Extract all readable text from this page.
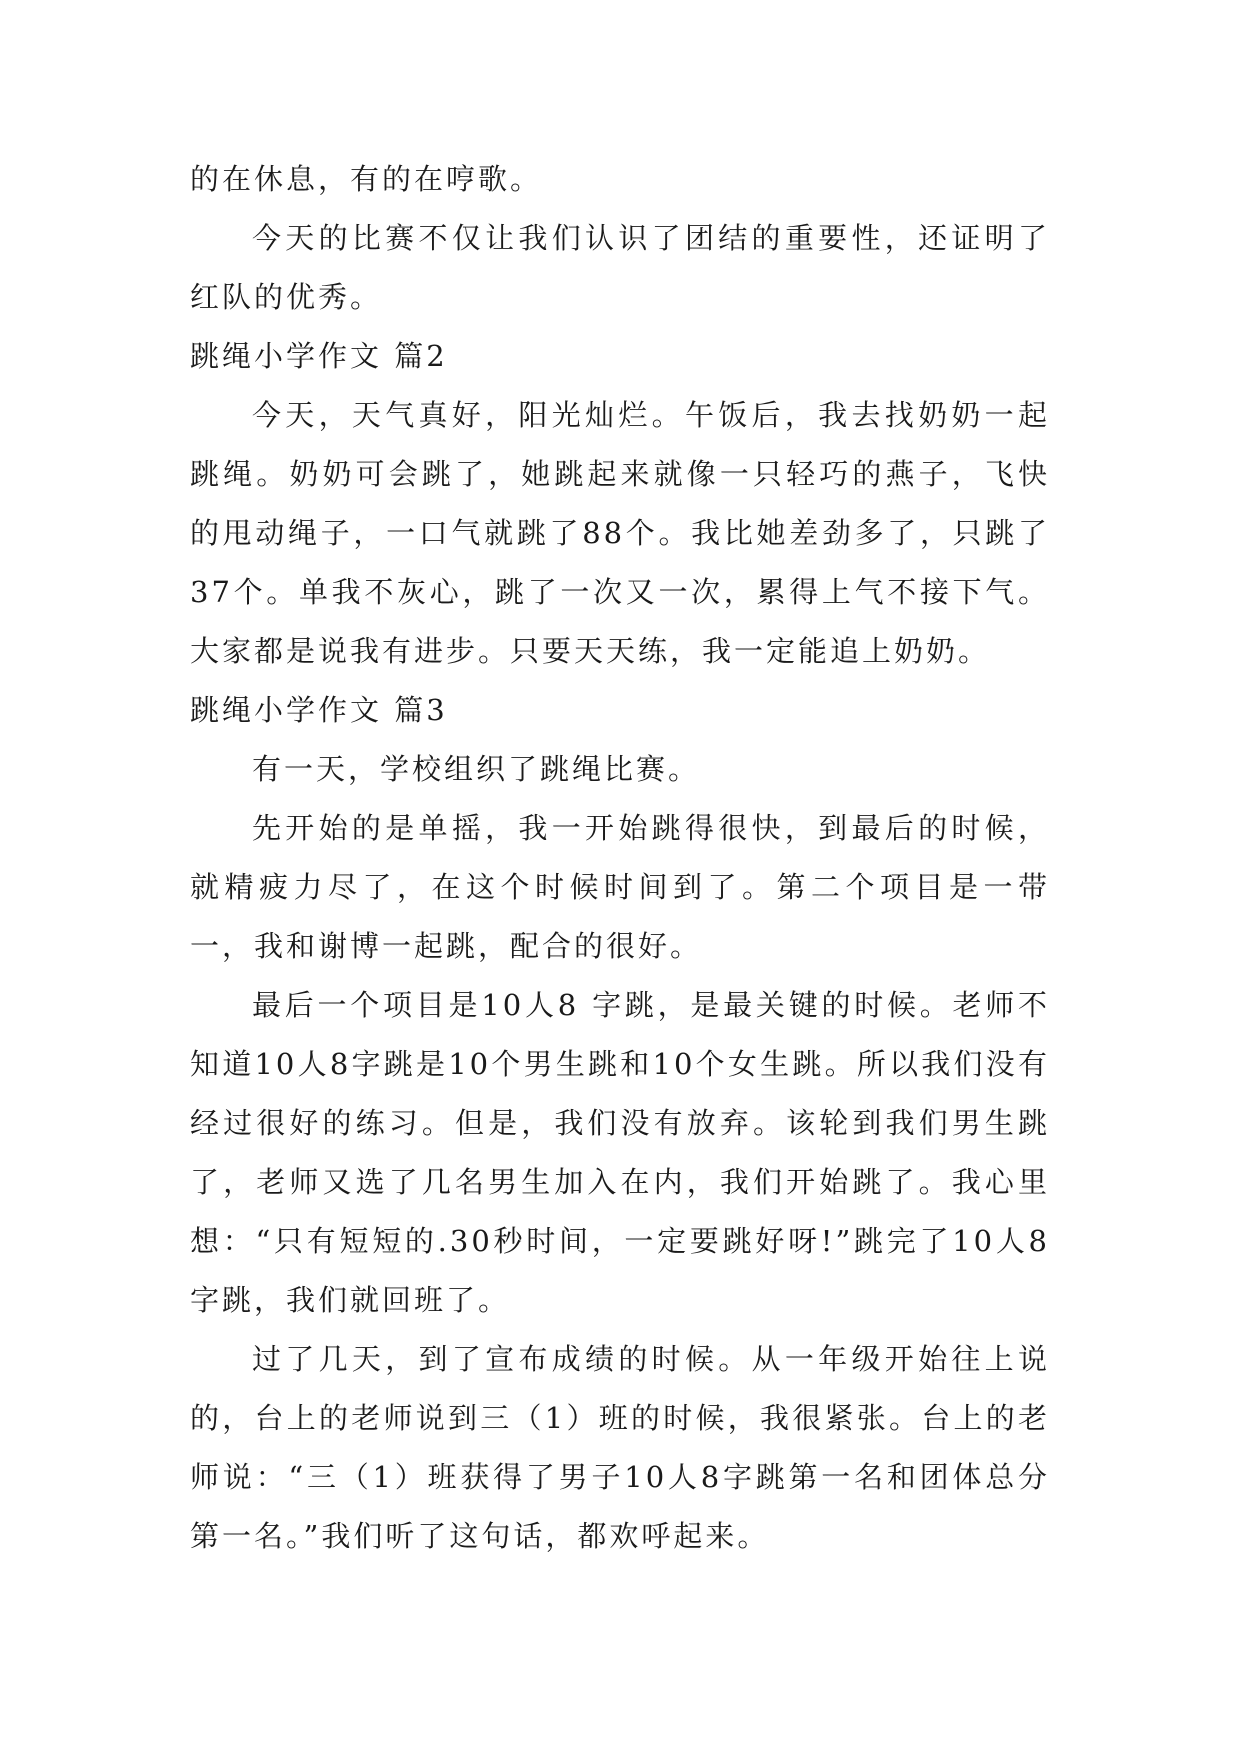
的在休息，有的在哼歌。

今天的比赛不仅让我们认识了团结的重要性，还证明了红队的优秀。

跳绳小学作文 篇2

今天，天气真好，阳光灿烂。午饭后，我去找奶奶一起跳绳。奶奶可会跳了，她跳起来就像一只轻巧的燕子，飞快的甩动绳子，一口气就跳了88个。我比她差劲多了，只跳了37个。单我不灰心，跳了一次又一次，累得上气不接下气。大家都是说我有进步。只要天天练，我一定能追上奶奶。

跳绳小学作文 篇3

有一天，学校组织了跳绳比赛。

先开始的是单摇，我一开始跳得很快，到最后的时候，就精疲力尽了，在这个时候时间到了。第二个项目是一带一，我和谢博一起跳，配合的很好。

最后一个项目是10人8 字跳，是最关键的时候。老师不知道10人8字跳是10个男生跳和10个女生跳。所以我们没有经过很好的练习。但是，我们没有放弃。该轮到我们男生跳了，老师又选了几名男生加入在内，我们开始跳了。我心里想：“只有短短的.30秒时间，一定要跳好呀!”跳完了10人8字跳，我们就回班了。

过了几天，到了宣布成绩的时候。从一年级开始往上说的，台上的老师说到三（1）班的时候，我很紧张。台上的老师说：“三（1）班获得了男子10人8字跳第一名和团体总分第一名。”我们听了这句话，都欢呼起来。
